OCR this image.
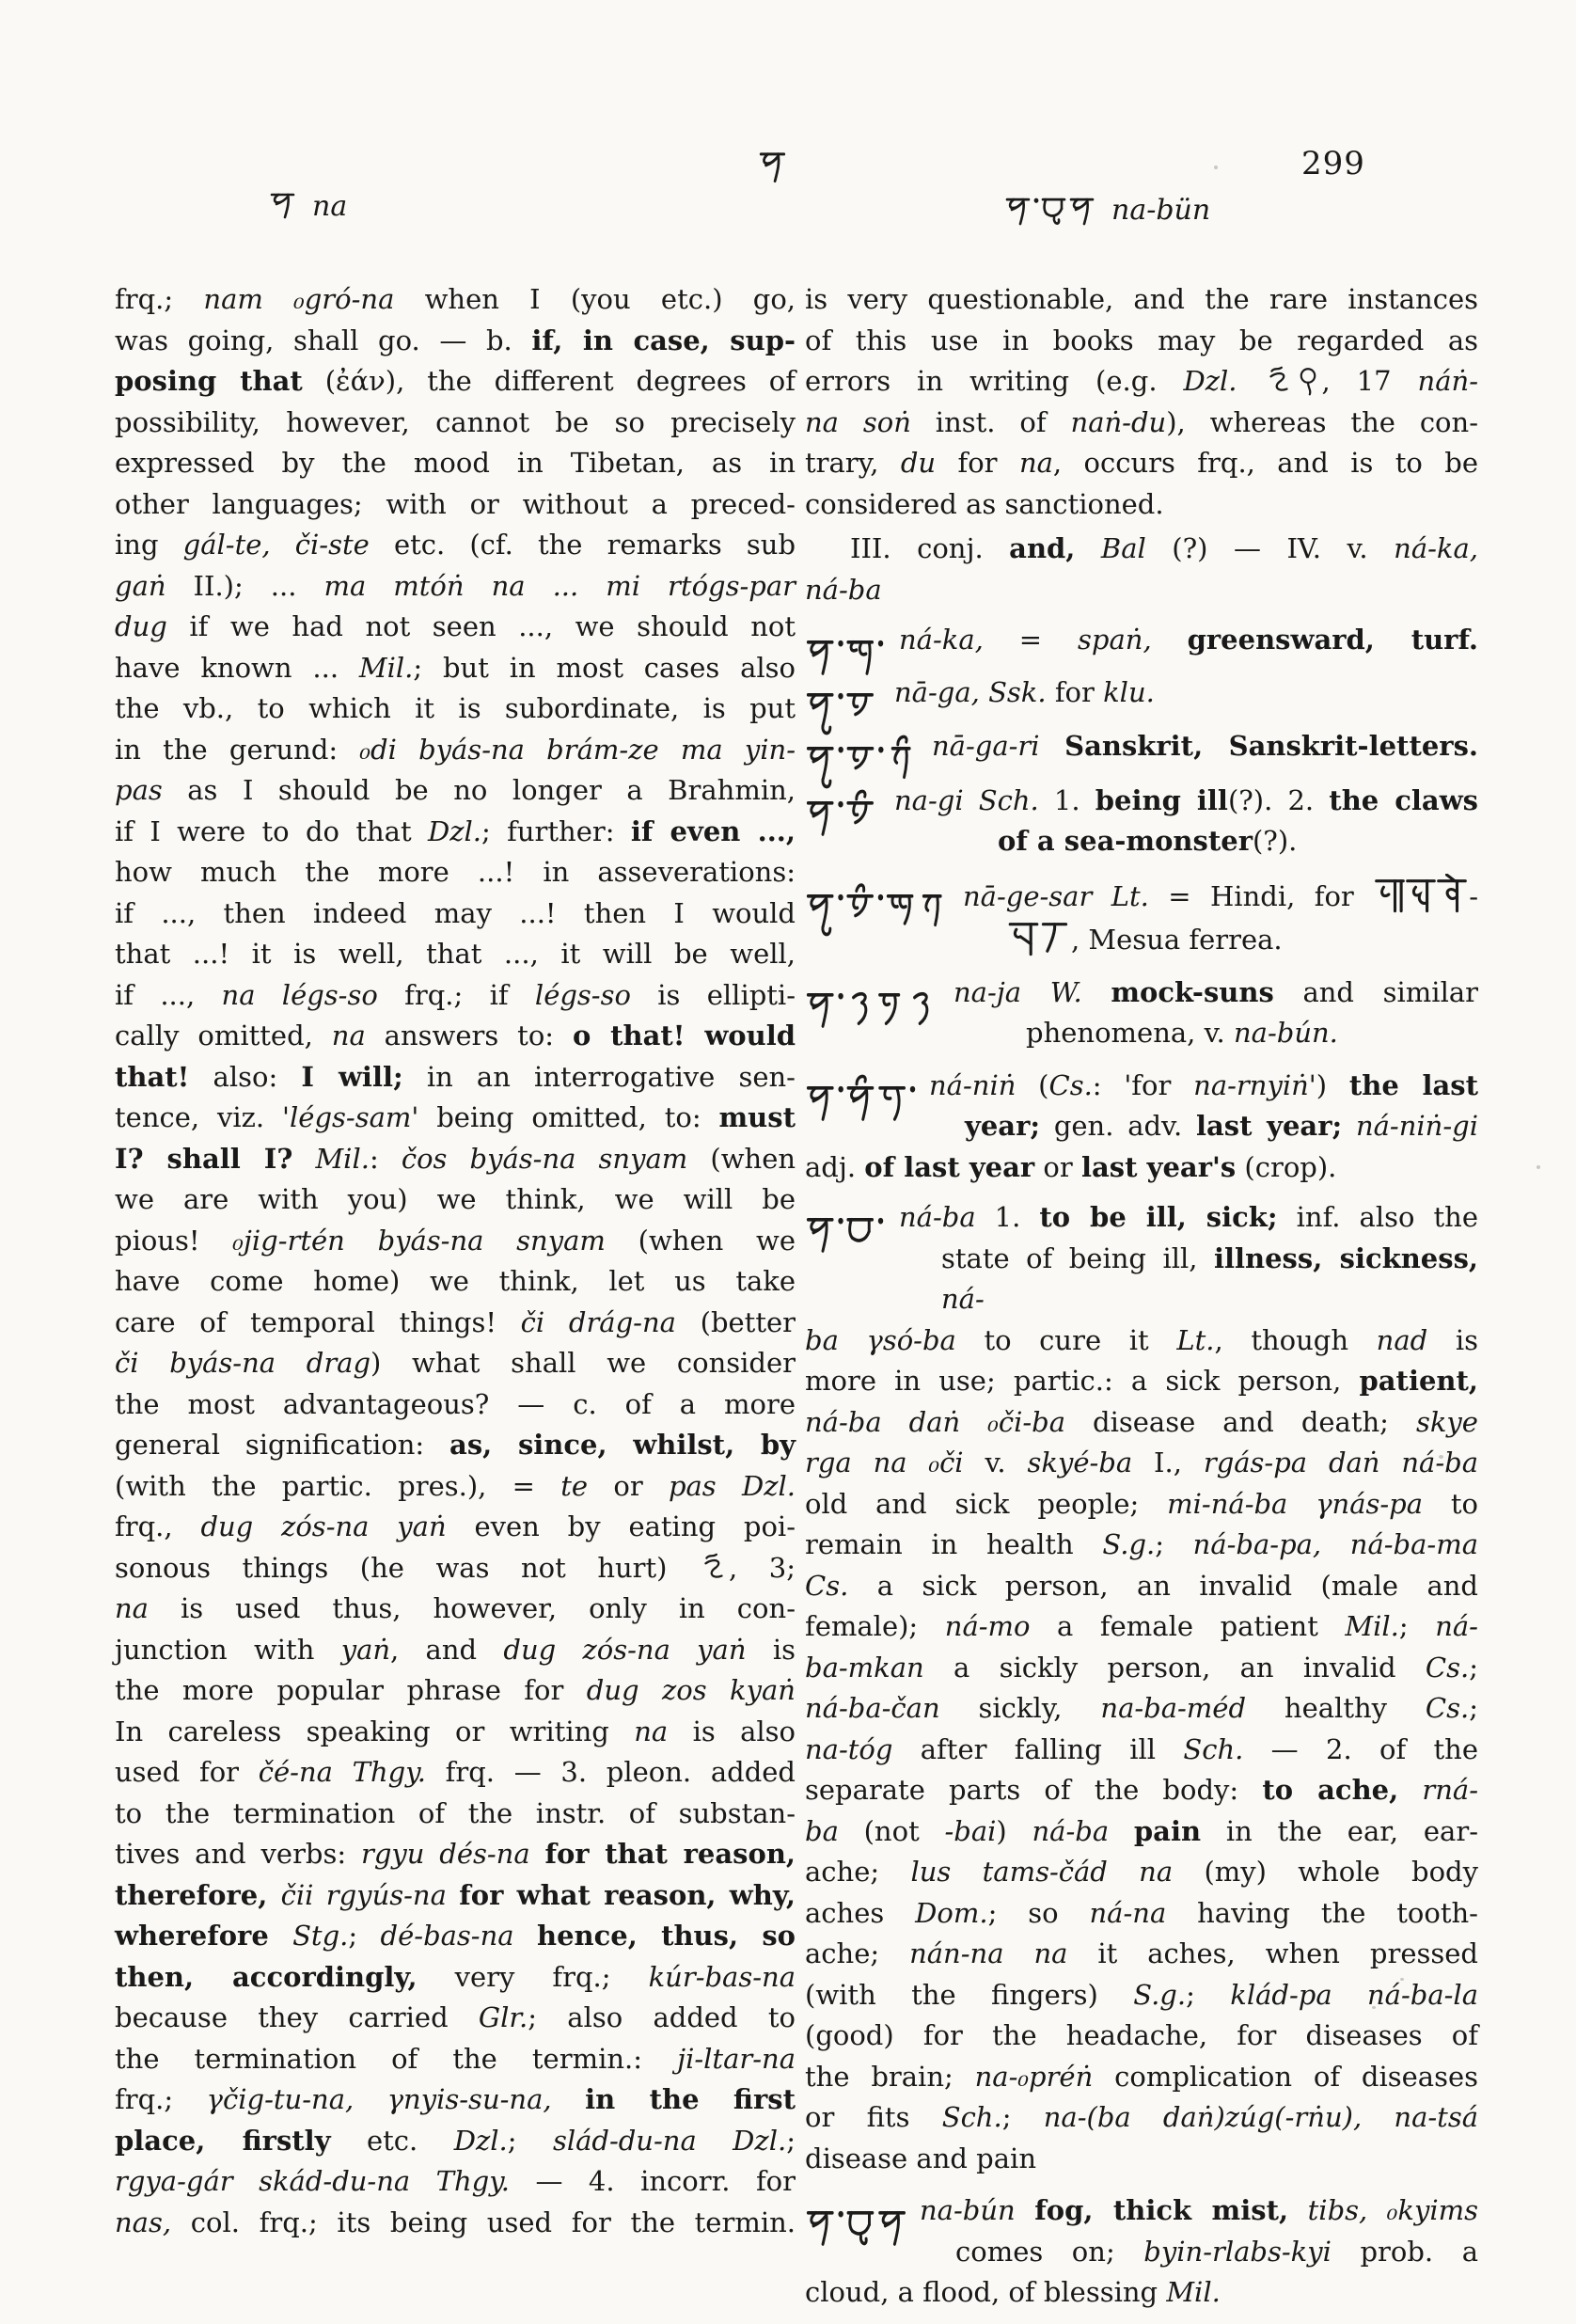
na	na-bün
299
frq.; nam ₀gró-na when I (you etc.) go,
was going, shall go. — b. if, in case, sup-
posing that (ἐάν), the different degrees of
possibility, however, cannot be so precisely
expressed by the mood in Tibetan, as in
other languages; with or without a preced-
ing gál-te, či-ste etc. (cf. the remarks sub
gaṅ II.); ... ma mtóṅ na ... mi rtógs-par
dug if we had not seen ..., we should not
have known ... Mil.; but in most cases also
the vb., to which it is subordinate, is put
in the gerund: ₀di byás-na brám-ze ma yin-
pas as I should be no longer a Brahmin,
if I were to do that Dzl.; further: if even ...,
how much the more ...! in asseverations:
if ..., then indeed may ...! then I would
that ...! it is well, that ..., it will be well,
if ..., na légs-so frq.; if légs-so is ellipti-
cally omitted, na answers to: o that! would
that! also: I will; in an interrogative sen-
tence, viz. 'légs-sam' being omitted, to: must
I? shall I? Mil.: čos byás-na snyam (when
we are with you) we think, we will be
pious! ₀jig-rtén byás-na snyam (when we
have come home) we think, let us take
care of temporal things! či drág-na (better
či byás-na drag) what shall we consider
the most advantageous? — c. of a more
general signification: as, since, whilst, by
(with the partic. pres.), = te or pas Dzl.
frq., dug zós-na yaṅ even by eating poi-
sonous things (he was not hurt) , 3;
na is used thus, however, only in con-
junction with yaṅ, and dug zós-na yaṅ is
the more popular phrase for dug zos kyaṅ
In careless speaking or writing na is also
used for čé-na Thgy. frq. — 3. pleon. added
to the termination of the instr. of substan-
tives and verbs: rgyu dés-na for that reason,
therefore, čii rgyús-na for what reason, why,
wherefore Stg.; dé-bas-na hence, thus, so
then, accordingly, very frq.; kúr-bas-na
because they carried Glr.; also added to
the termination of the termin.: ji-ltar-na
frq.; γčig-tu-na, γnyis-su-na, in the first
place, firstly etc. Dzl.; slád-du-na Dzl.;
rgya-gár skád-du-na Thgy. — 4. incorr. for
nas, col. frq.; its being used for the termin.
is very questionable, and the rare instances
of this use in books may be regarded as
errors in writing (e.g. Dzl.	, 17 náṅ-
na soṅ inst. of naṅ-du), whereas the con-
trary, du for na, occurs frq., and is to be
considered as sanctioned.
III. conj. and, Bal (?) — IV. v. ná-ka,
ná-ba
ná-ka, = spaṅ, greensward, turf.
nā-ga, Ssk. for klu.
nā-ga-ri Sanskrit, Sanskrit-letters.
na-gi Sch. 1. being ill(?). 2. the claws
of a sea-monster(?).
nā-ge-sar Lt. = Hindi, for	-
, Mesua ferrea.
na-ja W. mock-suns and similar
phenomena, v. na-bún.
ná-niṅ (Cs.: 'for na-rnyiṅ') the last
year; gen. adv. last year; ná-niṅ-gi
adj. of last year or last year's (crop).
ná-ba 1. to be ill, sick; inf. also the
state of being ill, illness, sickness, ná-
ba γsó-ba to cure it Lt., though nad is
more in use; partic.: a sick person, patient,
ná-ba daṅ ₀či-ba disease and death; skye
rga na ₀či v. skyé-ba I., rgás-pa daṅ ná-ba
old and sick people; mi-ná-ba γnás-pa to
remain in health S.g.; ná-ba-pa, ná-ba-ma
Cs. a sick person, an invalid (male and
female); ná-mo a female patient Mil.; ná-
ba-mkan a sickly person, an invalid Cs.;
ná-ba-čan sickly, na-ba-méd healthy Cs.;
na-tóg after falling ill Sch. — 2. of the
separate parts of the body: to ache, rná-
ba (not -bai) ná-ba pain in the ear, ear-
ache; lus tams-čád na (my) whole body
aches Dom.; so ná-na having the tooth-
ache; nán-na na it aches, when pressed
(with the fingers) S.g.; klád-pa ná-ba-la
(good) for the headache, for diseases of
the brain; na-₀préṅ complication of diseases
or fits Sch.; na-(ba daṅ)zúg(-rṅu), na-tsá
disease and pain
na-bún fog, thick mist, tibs, ₀kyims
comes on; byin-rlabs-kyi prob. a
cloud, a flood, of blessing Mil.
